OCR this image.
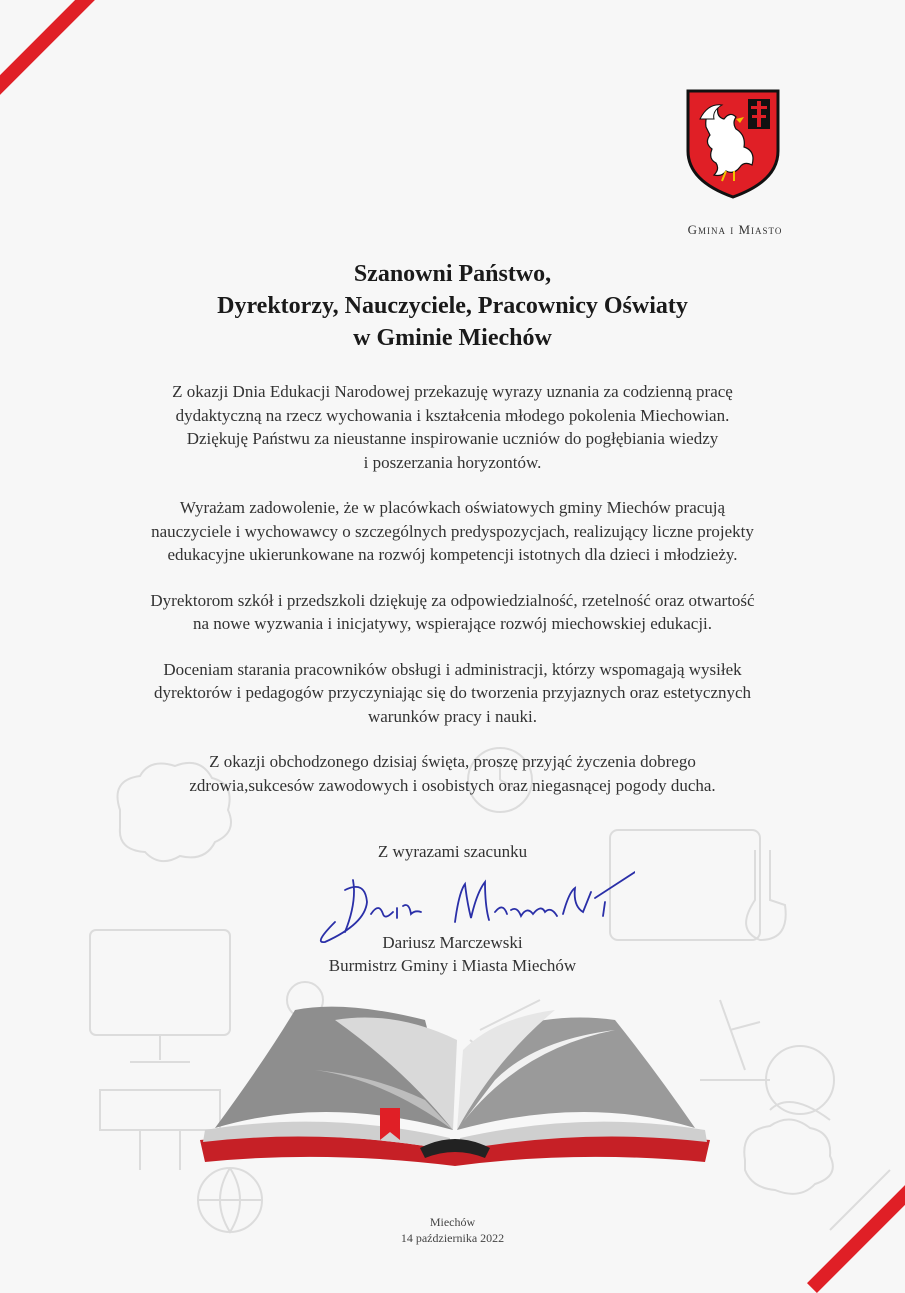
Gmina i Miasto
Szanowni Państwo,
Dyrektorzy, Nauczyciele, Pracownicy Oświaty
w Gminie Miechów

Z okazji Dnia Edukacji Narodowej przekazuję wyrazy uznania za codzienną pracę
dydaktyczną na rzecz wychowania i kształcenia młodego pokolenia Miechowian.
Dziękuję Państwu za nieustanne inspirowanie uczniów do pogłębiania wiedzy
i poszerzania horyzontów.

Wyrażam zadowolenie, że w placówkach oświatowych gminy Miechów pracują
nauczyciele i wychowawcy o szczególnych predyspozycjach, realizujący liczne projekty
edukacyjne ukierunkowane na rozwój kompetencji istotnych dla dzieci i młodzieży.

Dyrektorom szkół i przedszkoli dziękuję za odpowiedzialność, rzetelność oraz otwartość
na nowe wyzwania i inicjatywy, wspierające rozwój miechowskiej edukacji.

Doceniam starania pracowników obsługi i administracji, którzy wspomagają wysiłek
dyrektorów i pedagogów przyczyniając się do tworzenia przyjaznych oraz estetycznych
warunków pracy i nauki.

Z okazji obchodzonego dzisiaj święta, proszę przyjąć życzenia dobrego
zdrowia,sukcesów zawodowych i osobistych oraz niegasnącej pogody ducha.

Z wyrazami szacunku
Dariusz Marczewski
Burmistrz Gminy i Miasta Miechów
Miechów
14 października 2022
